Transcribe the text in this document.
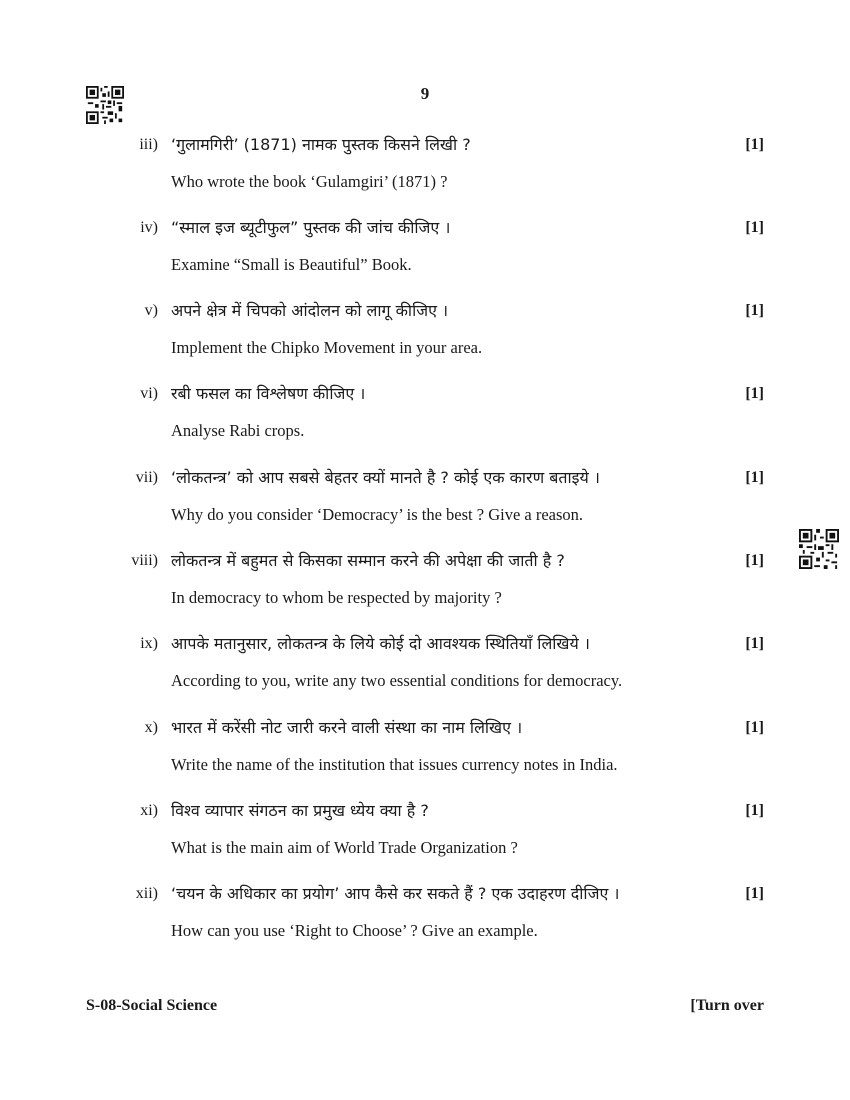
9
iii) ‘गुलामगिरी’ (1871) नामक पुस्तक किसने लिखी ?
Who wrote the book ‘Gulamgiri’ (1871) ?
[1]
iv) “स्माल इज ब्यूटीफुल” पुस्तक की जांच कीजिए ।
Examine “Small is Beautiful” Book.
[1]
v) अपने क्षेत्र में चिपको आंदोलन को लागू कीजिए ।
Implement the Chipko Movement in your area.
[1]
vi) रबी फसल का विश्लेषण कीजिए ।
Analyse Rabi crops.
[1]
vii) ‘लोकतन्त्र’ को आप सबसे बेहतर क्यों मानते है ? कोई एक कारण बताइये ।
Why do you consider ‘Democracy’ is the best ? Give a reason.
[1]
viii) लोकतन्त्र में बहुमत से किसका सम्मान करने की अपेक्षा की जाती है ?
In democracy to whom be respected by majority ?
[1]
ix) आपके मतानुसार, लोकतन्त्र के लिये कोई दो आवश्यक स्थितियाँ लिखिये ।
According to you, write any two essential conditions for democracy.
[1]
x) भारत में करेंसी नोट जारी करने वाली संस्था का नाम लिखिए ।
Write the name of the institution that issues currency notes in India.
[1]
xi) विश्व व्यापार संगठन का प्रमुख ध्येय क्या है ?
What is the main aim of World Trade Organization ?
[1]
xii) ‘चयन के अधिकार का प्रयोग’ आप कैसे कर सकते हैं ? एक उदाहरण दीजिए ।
How can you use ‘Right to Choose’ ? Give an example.
[1]
S-08-Social Science	[Turn over
